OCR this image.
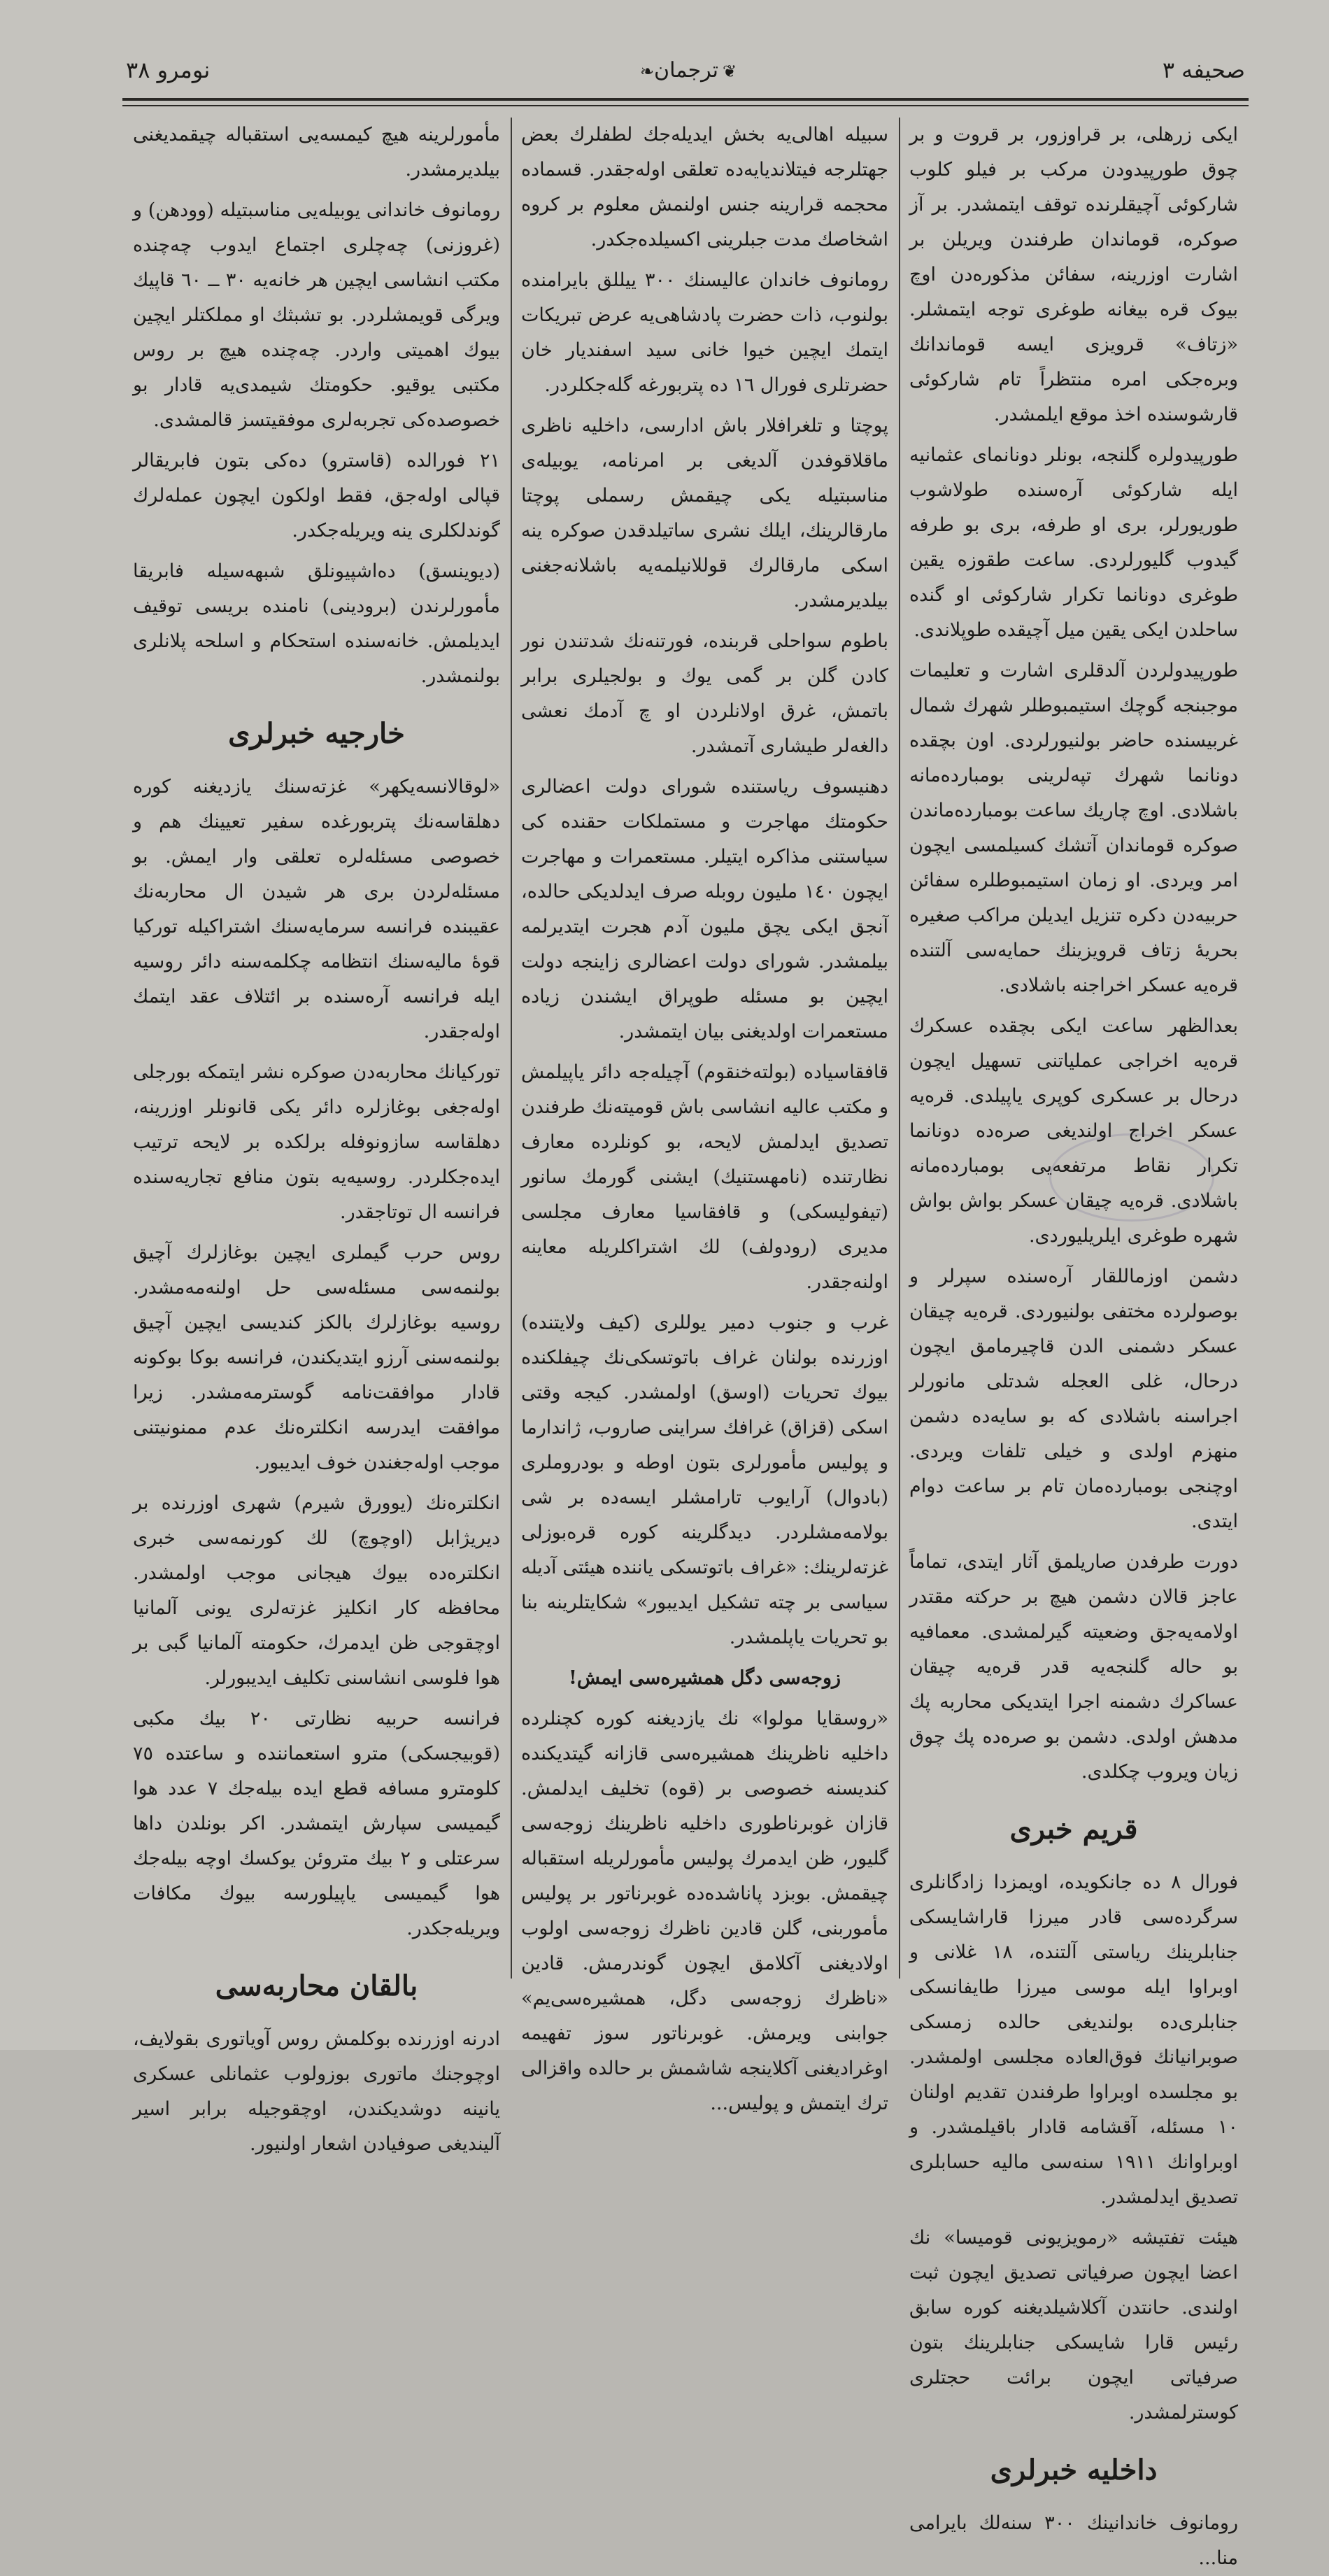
صحيفه ٣
❦ترجمان❧
نومرو ٣٨

ایکی زرهلی، بر قرا‌وزور، بر قروت و بر چوق طورپیدودن مرکب بر فیلو کلوب شارکوئی آچیقلرنده توقف ایتمشدر. بر آز صوکره، قوماندان طرفندن ویریلن بر اشارت اوزرینه، سفائن مذکوره‌دن اوچ بیوک قره بیغانه طوغری توجه ایتمشلر. «زتاف» قرویزی ایسه قوماندانك وبره‌جکی امره منتظراً تام شارکوئی قارشوسنده اخذ موقع ایلمشدر.

طورپیدولره گلنجه، بونلر دونانمای عثمانیه ایله شارکوئی آره‌سنده طولاشوب طوریورلر، بری او طرفه، بری بو طرفه گیدوب گلیورلردی. ساعت طقوزه یقین طوغری دونانما تکرار شارکوئی او گنده ساحلدن ایکی یقین میل آچیقده طوپلاندی.

طورپیدولردن آلدقلری اشارت و تعلیمات موجبنجه گوچك استیمبوطلر شهرك شمال غربیسنده حاضر بولنیورلردی. اون بچقده دونانما شهرك تپه‌لرینی بومبارده‌مانه باشلادی. اوچ چاریك ساعت بومبارده‌ماندن صوکره قوماندان آتشك کسیلمسی ایچون امر ویردی. او زمان استیمبوطلره سفائن حربیه‌دن دکره تنزیل ایدیلن مراکب صغیره بحریهٔ زتاف قرویزینك حمایه‌سی آلتنده قره‌یه عسکر اخراجنه باشلادی.

بعدالظهر ساعت ایکی بچقده عسکرك قره‌یه اخراجی عملیاتنی تسهیل ایچون درحال بر عسکری کوپری یاپیلدی. قره‌یه عسکر اخراج اولندیغی صره‌ده دونانما تکرار نقاط مرتفعه‌یی بومبارده‌مانه باشلادی. قره‌یه چیقان عسکر بواش بواش شهره طوغری ایلریلیوردی.

دشمن اوزماللقار آره‌سنده سپرلر و بوصولرده مختفی بولنیوردی. قره‌یه چیقان عسکر دشمنی الدن قاچیرمامق ایچون درحال، غلی العجله شدتلی مانورلر اجراسنه باشلادی که بو سایه‌ده دشمن منهزم اولدی و خیلی تلفات ویردی. اوچنجی بومبارده‌مان تام بر ساعت دوام ایتدی.

دورت طرفدن صاریلمق آثار ایتدی، تماماً عاجز قالان دشمن هیچ بر حرکته مقتدر اولامه‌یه‌جق وضعیته گیرلمشدی. معمافیه بو حاله گلنجه‌یه قدر قره‌یه چیقان عساکرك دشمنه اجرا ایتدیکی محاربه پك مدهش اولدی. دشمن بو صره‌ده پك چوق زیان ویروب چکلدی.

قریم خبری

فورال ٨ ده جانکویده، اویمزدا زادگانلری سرگرده‌سی قادر میرزا قاراشایسکی جنابلرینك ریاستی آلتنده، ١٨ غلانی و اوبراوا ایله موسی میرزا طایفانسکی جنابلری‌ده بولندیغی حالده زمسکی صوبرانیانك فوق‌العاده مجلسی اولمشدر. بو مجلسده اوبراوا طرفندن تقدیم اولنان ١٠ مسئله، آقشامه قادار باقیلمشدر. و اوبراوانك ١٩١١ سنه‌سی مالیه حسابلری تصدیق ایدلمشدر.

هیئت تفتیشه «رمویزیونی قومیسا» نك اعضا ایچون صرفیاتی تصدیق ایچون ثبت اولندی. حانتدن آکلاشیلدیغنه کوره سابق رئیس قارا شایسکی جنابلرینك بتون صرفیاتی ایچون برائت حجتلری کوسترلمشدر.

داخلیه خبرلری

رومانوف خاندانینك ٣٠٠ سنه‌لك بایرامی منا...

سبیله اهالی‌یه بخش ایدیله‌جك لطفلرك بعض جهتلرجه فیتلاندیایه‌ده تعلقی اوله‌جقدر. قسماده محجمه قرارینه جنس اولنمش معلوم بر کروه اشخاصك مدت جبلرینی اکسیلده‌جکدر.

رومانوف خاندان عالیسنك ٣٠٠ ییللق بایرامنده بولنوب، ذات حضرت پادشاهی‌یه عرض تبریکات ایتمك ایچین خیوا خانی سید اسفندیار خان حضرتلری فورال ١٦ ده پتربورغه گله‌جکلردر.

پوچتا و تلغرافلار باش ادارسی، داخلیه ناظری ماقلاقوفدن آلدیغی بر امرنامه، یوبیله‌ی مناسبتیله یکی چیقمش رسملی پوچتا مارقالرینك، ایلك نشری ساتیلدقدن صوکره ینه اسکی مارقالرك قوللانیلمه‌یه باشلانه‌جغنی بیلدیرمشدر.

باطوم سواحلی قربنده، فورتنه‌نك شدتندن نور کادن گلن بر گمی یوك و بولجیلری برابر باتمش، غرق اولانلردن او چ آدمك نعشی دالغه‌لر طیشاری آتمشدر.

دهنیسوف ریاستنده شورای دولت اعضالری حکومتك مهاجرت و مستملکات حقنده کی سیاستنی مذاکره ایتیلر. مستعمرات و مهاجرت ایچون ١٤٠ ملیون روبله صرف ایدلدیکی حالده، آنجق ایکی یچق ملیون آدم هجرت ایتدیرلمه بیلمشدر. شورای دولت اعضالری زاینجه دولت ایچین بو مسئله طوپراق ایشندن زیاده مستعمرات اولدیغنی بیان ایتمشدر.

قافقاسیاده (بولته‌خنقوم) آچیله‌جه دائر یاپیلمش و مکتب عالیه انشاسی باش قومیته‌نك طرفندن تصدیق ایدلمش لایحه، بو کونلرده معارف نظارتنده (نامهستنیك) ایشنی گورمك سانور (تیفولیسکی) و قافقاسیا معارف مجلسی مدیری (رودولف) لك اشتراکلریله معاینه اولنه‌جقدر.

غرب و جنوب دمیر یوللری (کیف ولایتنده) اوزرنده بولنان غراف باتوتسکی‌نك چیفلکنده بیوك تحریات (اوسق) اولمشدر. کیجه وقتی اسکی (قزاق) غرافك سراینی صاروب، ژاندارما و پولیس مأمورلری بتون اوطه و بودروملری (بادوال) آرایوب تارامشلر ایسه‌ده بر شی بولامه‌مشلردر. دیدگلرینه کوره قره‌بوزلی غزته‌لرینك: «غراف باتوتسکی یاننده هیئتی آدیله سیاسی بر چته تشکیل ایدیبور» شکایتلرینه بنا بو تحریات یاپلمشدر.

زوجه‌سی دگل همشیره‌سی ایمش!

«روسقایا مولوا» نك یازدیغنه کوره کچنلرده داخلیه ناظرینك همشیره‌سی قازانه گیتدیکنده کندیسنه خصوصی بر (قوه) تخلیف ایدلمش. قازان غوبرناطوری داخلیه ناظرینك زوجه‌سی گلیور، ظن ایدمرك پولیس مأمورلریله استقباله چیقمش. بوبزد پاناشده‌ده غوبرناتور بر پولیس مأموربنی، گلن قادین ناظرك زوجه‌سی اولوب اولادیغنی آکلامق ایچون گوندرمش. قادین «ناظرك زوجه‌سی دگل، همشیره‌سی‌یم» جوابنی ویرمش. غوبرناتور سوز تفهیمه اوغرادیغنی آکلاینجه شاشمش بر حالده واقزالی ترك ایتمش و پولیس...

مأمورلرینه هیچ کیمسه‌یی استقباله چیقمدیغنی بیلدیرمشدر.

رومانوف خاندانی یوبیله‌یی مناسبتیله (وودهن) و (غروزنی) چه‌چلری اجتماع ایدوب چه‌چنده مکتب انشاسی ایچین هر خانه‌یه ٣٠ ــ ٦٠ قاپیك ویرگی قویمشلردر. بو تشبثك او مملکتلر ایچین بیوك اهمیتی واردر. چه‌چنده هیچ بر روس مکتبی یوقیو. حکومتك شیمدی‌یه قادار بو خصوصده‌کی تجربه‌لری موفقیتسز قالمشدی.

٢١ فورالده (قاسترو) ده‌کی بتون فابریقالر قپالی اوله‌جق، فقط اولکون ایچون عمله‌لرك گوندلکلری ینه ویریله‌جکدر.

(دیوینسق) ده‌اشپیونلق شبهه‌سیله فابریقا مأمورلرندن (برودینی) نامنده بریسی توقیف ایدیلمش. خانه‌سنده استحکام و اسلحه پلانلری بولنمشدر.

خارجیه خبرلری

«لوقالانسه‌یکهر» غزته‌سنك یازدیغنه کوره دهلقاسه‌نك پتربورغده سفیر تعیینك هم و خصوصی مسئله‌لره تعلقی وار ایمش. بو مسئله‌لردن بری هر شیدن ال محاربه‌نك عقیبنده فرانسه سرمایه‌سنك اشتراکیله توركیا قوهٔ مالیه‌سنك انتظامه چکلمه‌سنه دائر روسیه ایله فرانسه آره‌سنده بر ائتلاف عقد ایتمك اوله‌جقدر.

توركیانك محاربه‌دن صوکره نشر ایتمکه بورجلی اوله‌جغی بوغازلره دائر یکی قانونلر اوزرینه، دهلقاسه سازونوفله برلکده بر لایحه ترتیب ایده‌جکلردر. روسیه‌یه بتون منافع تجاریه‌سنده فرانسه ال توتاجقدر.

روس حرب گیملری ایچین بوغازلرك آچیق بولنمه‌سی مسئله‌سی حل اولنه‌مه‌مشدر. روسیه بوغازلرك بالکز کندیسی ایچین آچیق بولنمه‌سنی آرزو ایتدیکندن، فرانسه بوکا بوکونه قادار موافقت‌نامه گوسترمه‌مشدر. زیرا موافقت ایدرسه انکلتره‌نك عدم ممنونیتنی موجب اوله‌جغندن خوف ایدیبور.

انکلتره‌نك (یوورق شیرم) شهری اوزرنده بر دیریژابل (اوچوچ) لك کورنمه‌سی خبری انکلتره‌ده بیوك هیجانی موجب اولمشدر. محافظه کار انکلیز غزته‌لری یونی آلمانیا اوچقوجی ظن ایدمرك، حکومته آلمانیا گبی بر هوا فلوسی انشاسنی تکلیف ایدیبورلر.

فرانسه حربیه نظارتی ٢٠ بیك مکبی (قوبیجسکی) مترو استعماننده و ساعتده ٧٥ کلومترو مسافه قطع ایده بیله‌جك ٧ عدد هوا گیمیسی سپارش ایتمشدر. اکر بونلدن داها سرعتلی و ٢ بیك متروئن یوکسك اوچه بیله‌جك هوا گیمیسی یاپیلورسه بیوك مکافات ویریله‌جکدر.

بالقان محاربه‌سی

ادرنه اوزرنده بوکلمش روس آویاتوری بقولایف، اوچوجنك ماتوری بوزولوب عثمانلی عسکری یانینه دوشدیکندن، اوچقوجیله برابر اسیر آلیندیغی صوفیادن اشعار اولنیور.
